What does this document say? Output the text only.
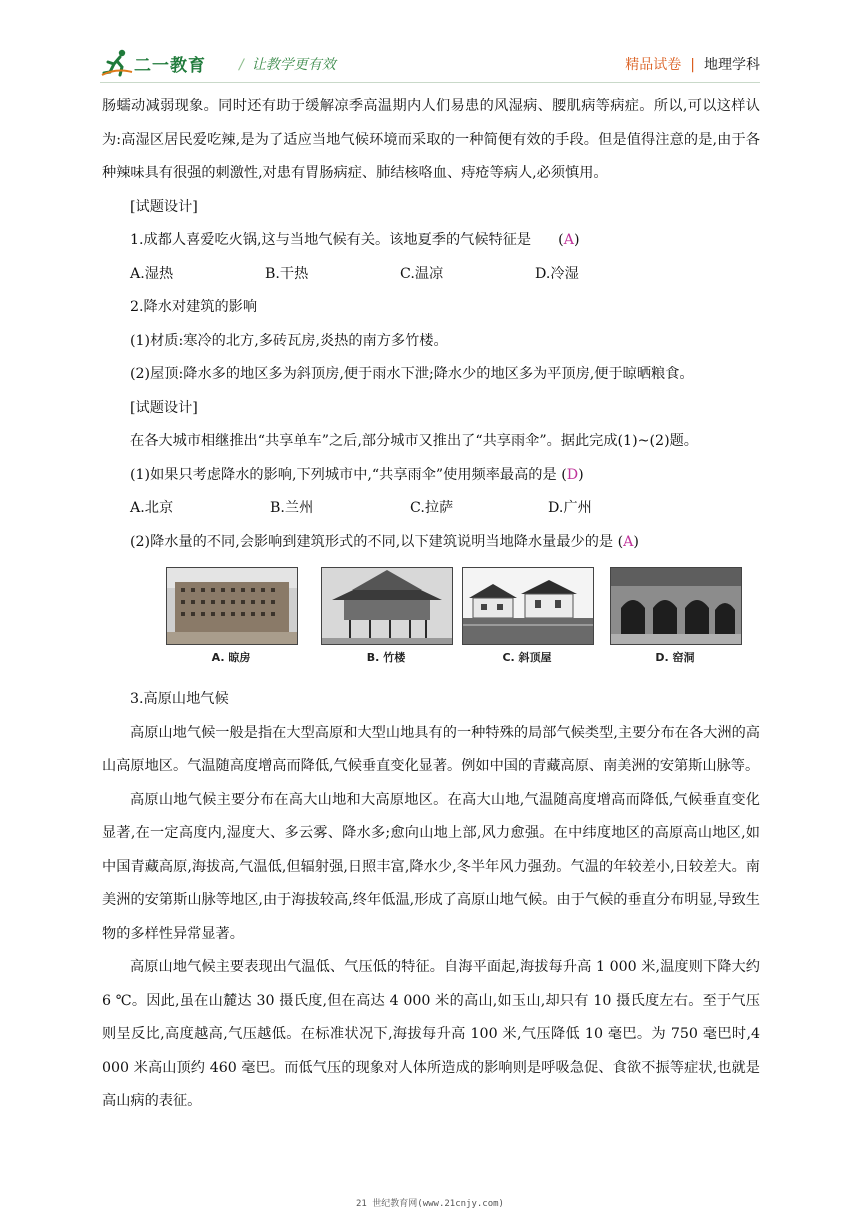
二一教育 / 让教学更有效	精品试卷 | 地理学科

肠蠕动减弱现象。同时还有助于缓解凉季高温期内人们易患的风湿病、腰肌病等病症。所以,可以这样认为:高湿区居民爱吃辣,是为了适应当地气候环境而采取的一种简便有效的手段。但是值得注意的是,由于各种辣味具有很强的刺激性,对患有胃肠病症、肺结核咯血、痔疮等病人,必须慎用。

[试题设计]

1.成都人喜爱吃火锅,这与当地气候有关。该地夏季的气候特征是      (A)

A.湿热	B.干热	C.温凉	D.冷湿

2.降水对建筑的影响

(1)材质:寒冷的北方,多砖瓦房,炎热的南方多竹楼。

(2)屋顶:降水多的地区多为斜顶房,便于雨水下泄;降水少的地区多为平顶房,便于晾晒粮食。

[试题设计]

在各大城市相继推出“共享单车”之后,部分城市又推出了“共享雨伞”。据此完成(1)~(2)题。

(1)如果只考虑降水的影响,下列城市中,“共享雨伞”使用频率最高的是 (D)

A.北京	B.兰州	C.拉萨	D.广州

(2)降水量的不同,会影响到建筑形式的不同,以下建筑说明当地降水量最少的是 (A)

A. 晾房	B. 竹楼	C. 斜顶屋	D. 窑洞

3.高原山地气候

高原山地气候一般是指在大型高原和大型山地具有的一种特殊的局部气候类型,主要分布在各大洲的高山高原地区。气温随高度增高而降低,气候垂直变化显著。例如中国的青藏高原、南美洲的安第斯山脉等。

高原山地气候主要分布在高大山地和大高原地区。在高大山地,气温随高度增高而降低,气候垂直变化显著,在一定高度内,湿度大、多云雾、降水多;愈向山地上部,风力愈强。在中纬度地区的高原高山地区,如中国青藏高原,海拔高,气温低,但辐射强,日照丰富,降水少,冬半年风力强劲。气温的年较差小,日较差大。南美洲的安第斯山脉等地区,由于海拔较高,终年低温,形成了高原山地气候。由于气候的垂直分布明显,导致生物的多样性异常显著。

高原山地气候主要表现出气温低、气压低的特征。自海平面起,海拔每升高 1 000 米,温度则下降大约 6 ℃。因此,虽在山麓达 30 摄氏度,但在高达 4 000 米的高山,如玉山,却只有 10 摄氏度左右。至于气压则呈反比,高度越高,气压越低。在标准状况下,海拔每升高 100 米,气压降低 10 毫巴。为 750 毫巴时,4 000 米高山顶约 460 毫巴。而低气压的现象对人体所造成的影响则是呼吸急促、食欲不振等症状,也就是高山病的表征。

21 世纪教育网(www.21cnjy.com)
